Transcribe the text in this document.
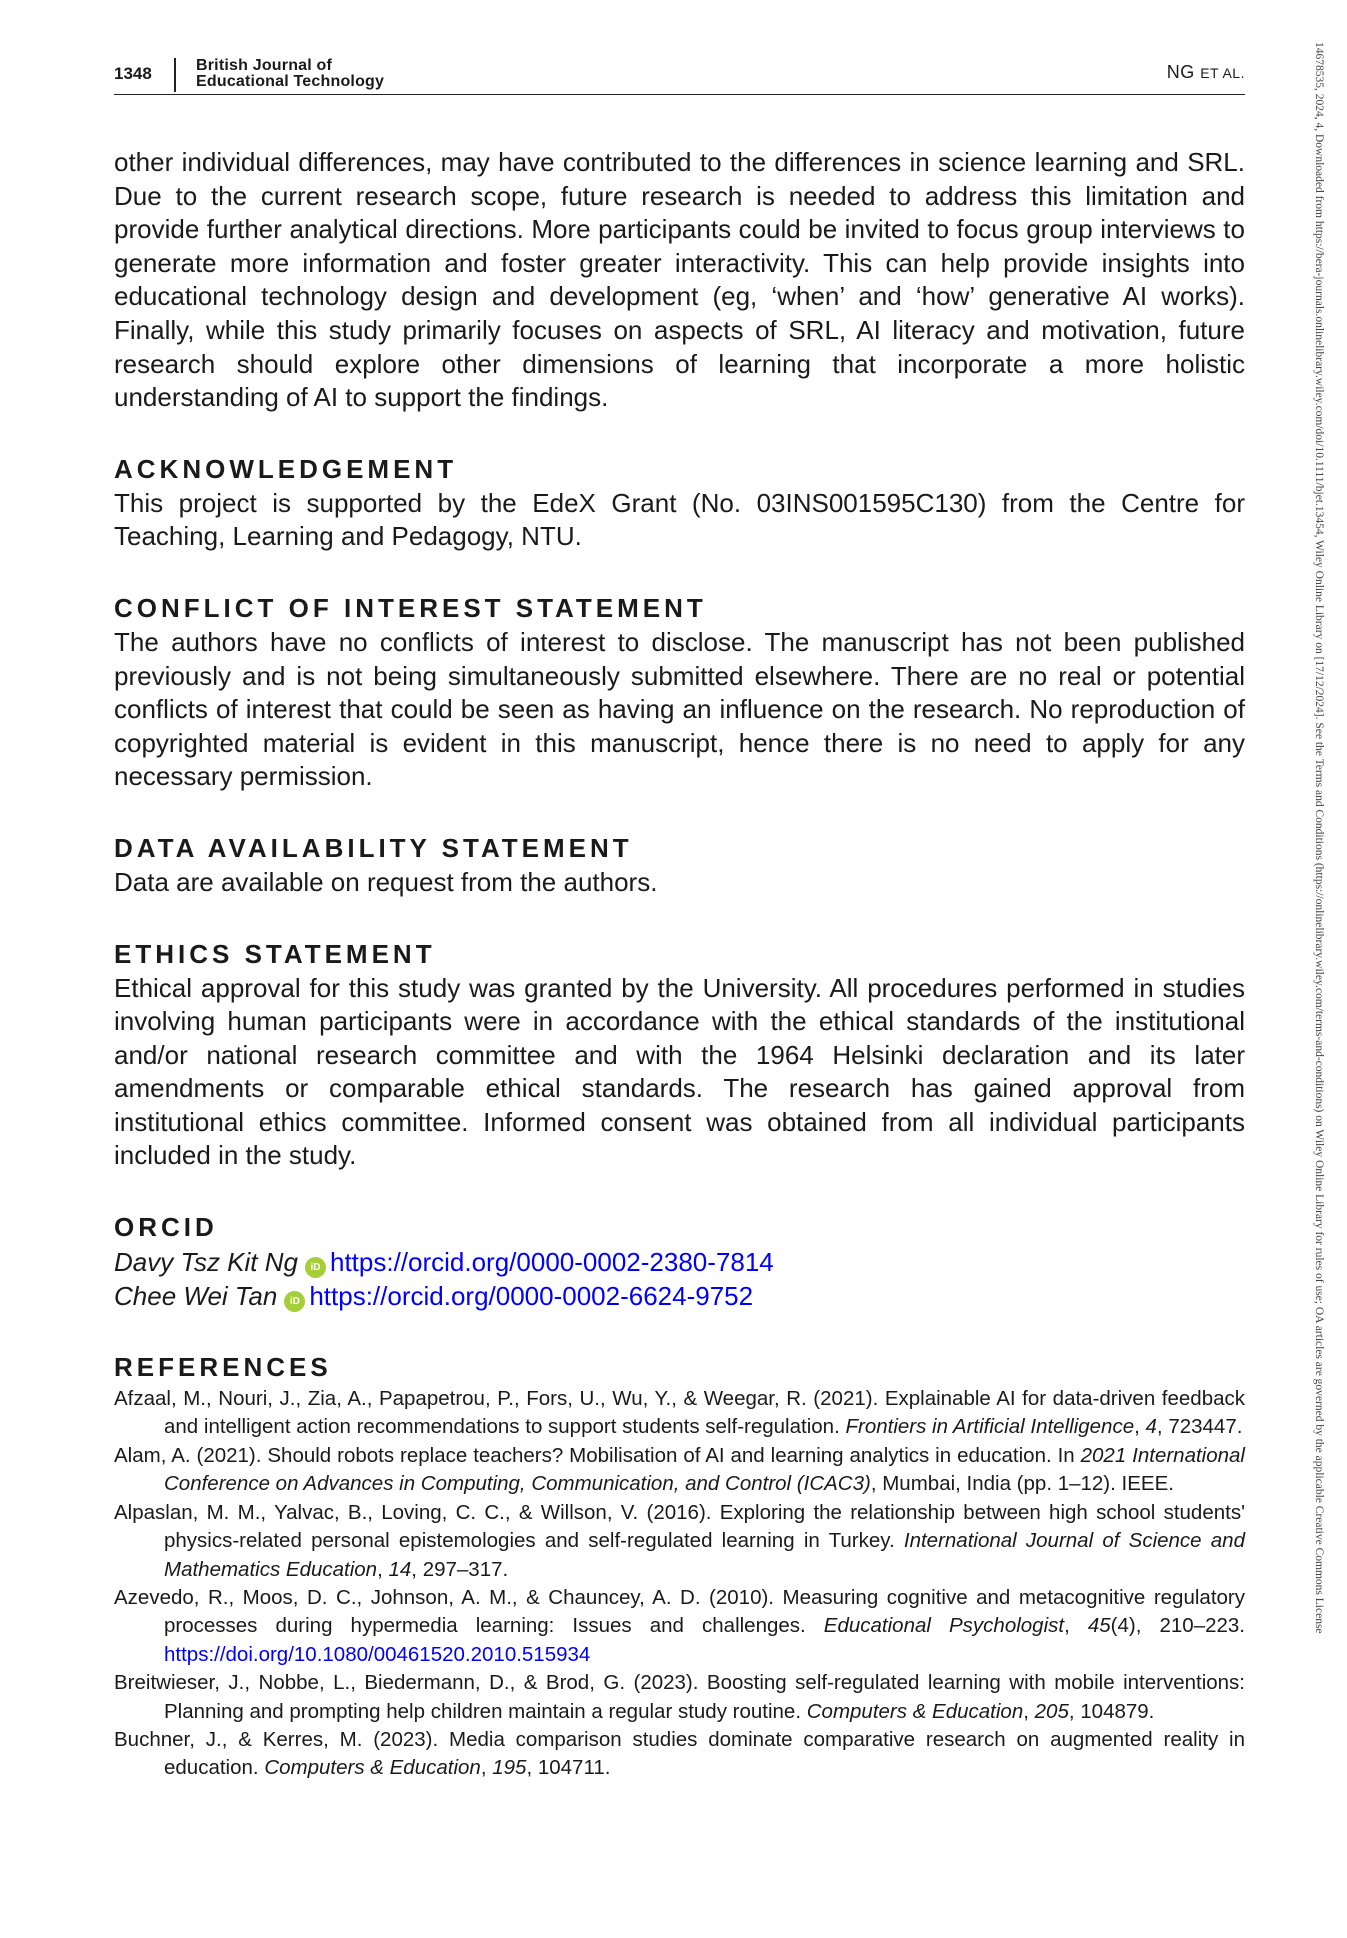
1348	British Journal of
Educational Technology	NG ET AL.	14678535, 2024, 4, Downloaded from https://bera-journals.onlinelibrary.wiley.com/doi/10.1111/bjet.13454, Wiley Online Library on [17/12/2024]. See the Terms and Conditions (https://onlinelibrary.wiley.com/terms-and-conditions) on Wiley Online Library for rules of use; OA articles are governed by the applicable Creative Commons License

other individual differences, may have contributed to the differences in science learning and SRL. Due to the current research scope, future research is needed to address this limitation and provide further analytical directions. More participants could be invited to focus group interviews to generate more information and foster greater interactivity. This can help provide insights into educational technology design and development (eg, ‘when’ and ‘how’ generative AI works). Finally, while this study primarily focuses on aspects of SRL, AI literacy and motivation, future research should explore other dimensions of learning that incorporate a more holistic understanding of AI to support the findings.

ACKNOWLEDGEMENT

This project is supported by the EdeX Grant (No. 03INS001595C130) from the Centre for Teaching, Learning and Pedagogy, NTU.

CONFLICT OF INTEREST STATEMENT

The authors have no conflicts of interest to disclose. The manuscript has not been published previously and is not being simultaneously submitted elsewhere. There are no real or potential conflicts of interest that could be seen as having an influence on the research. No reproduction of copyrighted material is evident in this manuscript, hence there is no need to apply for any necessary permission.

DATA AVAILABILITY STATEMENT

Data are available on request from the authors.

ETHICS STATEMENT

Ethical approval for this study was granted by the University. All procedures performed in studies involving human participants were in accordance with the ethical standards of the institutional and/or national research committee and with the 1964 Helsinki declaration and its later amendments or comparable ethical standards. The research has gained approval from institutional ethics committee. Informed consent was obtained from all individual participants included in the study.

ORCID
Davy Tsz Kit Ng iD https://orcid.org/0000-0002-2380-7814
Chee Wei Tan iD https://orcid.org/0000-0002-6624-9752
REFERENCES
Afzaal, M., Nouri, J., Zia, A., Papapetrou, P., Fors, U., Wu, Y., & Weegar, R. (2021). Explainable AI for data-driven feedback and intelligent action recommendations to support students self-regulation. Frontiers in Artificial Intelligence, 4, 723447.
Alam, A. (2021). Should robots replace teachers? Mobilisation of AI and learning analytics in education. In 2021 International Conference on Advances in Computing, Communication, and Control (ICAC3), Mumbai, India (pp. 1–12). IEEE.
Alpaslan, M. M., Yalvac, B., Loving, C. C., & Willson, V. (2016). Exploring the relationship between high school students' physics-related personal epistemologies and self-regulated learning in Turkey. International Journal of Science and Mathematics Education, 14, 297–317.
Azevedo, R., Moos, D. C., Johnson, A. M., & Chauncey, A. D. (2010). Measuring cognitive and metacognitive regulatory processes during hypermedia learning: Issues and challenges. Educational Psychologist, 45(4), 210–223. https://doi.org/10.1080/00461520.2010.515934
Breitwieser, J., Nobbe, L., Biedermann, D., & Brod, G. (2023). Boosting self-regulated learning with mobile interventions: Planning and prompting help children maintain a regular study routine. Computers & Education, 205, 104879.
Buchner, J., & Kerres, M. (2023). Media comparison studies dominate comparative research on augmented reality in education. Computers & Education, 195, 104711.
